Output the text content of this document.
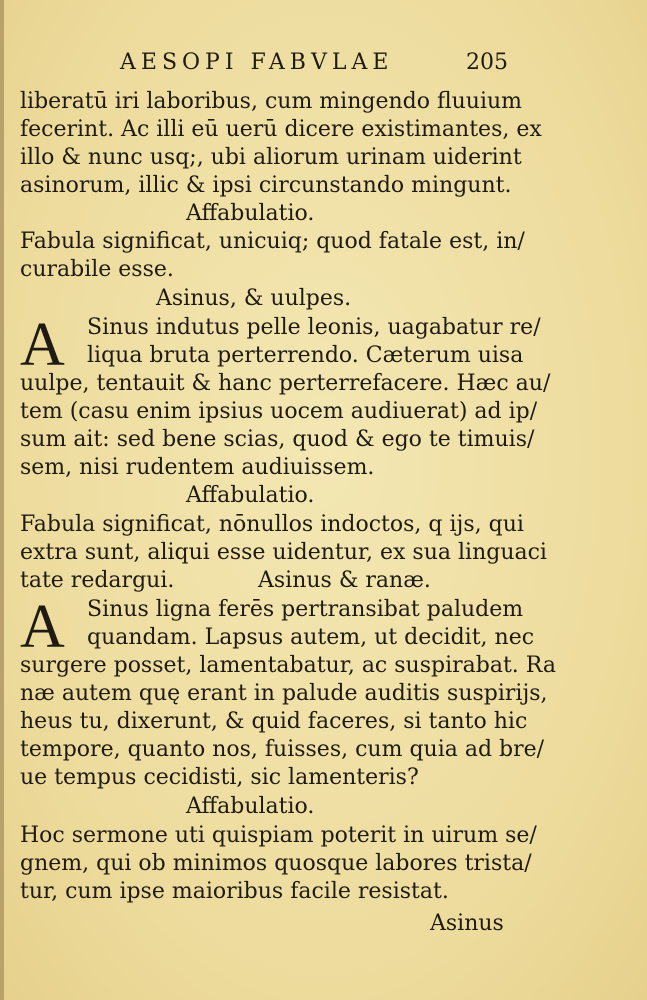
AESOPI FABVLAE	205
liberatū iri laboribus, cum mingendo fluuium
fecerint. Ac illi eū uerū dicere existimantes, ex
illo & nunc usq;, ubi aliorum urinam uiderint
asinorum, illic & ipsi circunstando mingunt.
Affabulatio.
Fabula significat, unicuiq; quod fatale est, in/
curabile esse.
Asinus, & uulpes.
A Sinus indutus pelle leonis, uagabatur re/
liqua bruta perterrendo. Cæterum uisa
uulpe, tentauit & hanc perterrefacere. Hæc au/
tem (casu enim ipsius uocem audiuerat) ad ip/
sum ait: sed bene scias, quod & ego te timuis/
sem, nisi rudentem audiuissem.
Affabulatio.
Fabula significat, nōnullos indoctos, q ijs, qui
extra sunt, aliqui esse uidentur, ex sua linguaci
tate redargui.	Asinus & ranæ.
A Sinus ligna ferēs pertransibat paludem
quandam. Lapsus autem, ut decidit, nec
surgere posset, lamentabatur, ac suspirabat. Ra
næ autem quę erant in palude auditis suspirijs,
heus tu, dixerunt, & quid faceres, si tanto hic
tempore, quanto nos, fuisses, cum quia ad bre/
ue tempus cecidisti, sic lamenteris?
Affabulatio.
Hoc sermone uti quispiam poterit in uirum se/
gnem, qui ob minimos quosque labores trista/
tur, cum ipse maioribus facile resistat.
Asinus
